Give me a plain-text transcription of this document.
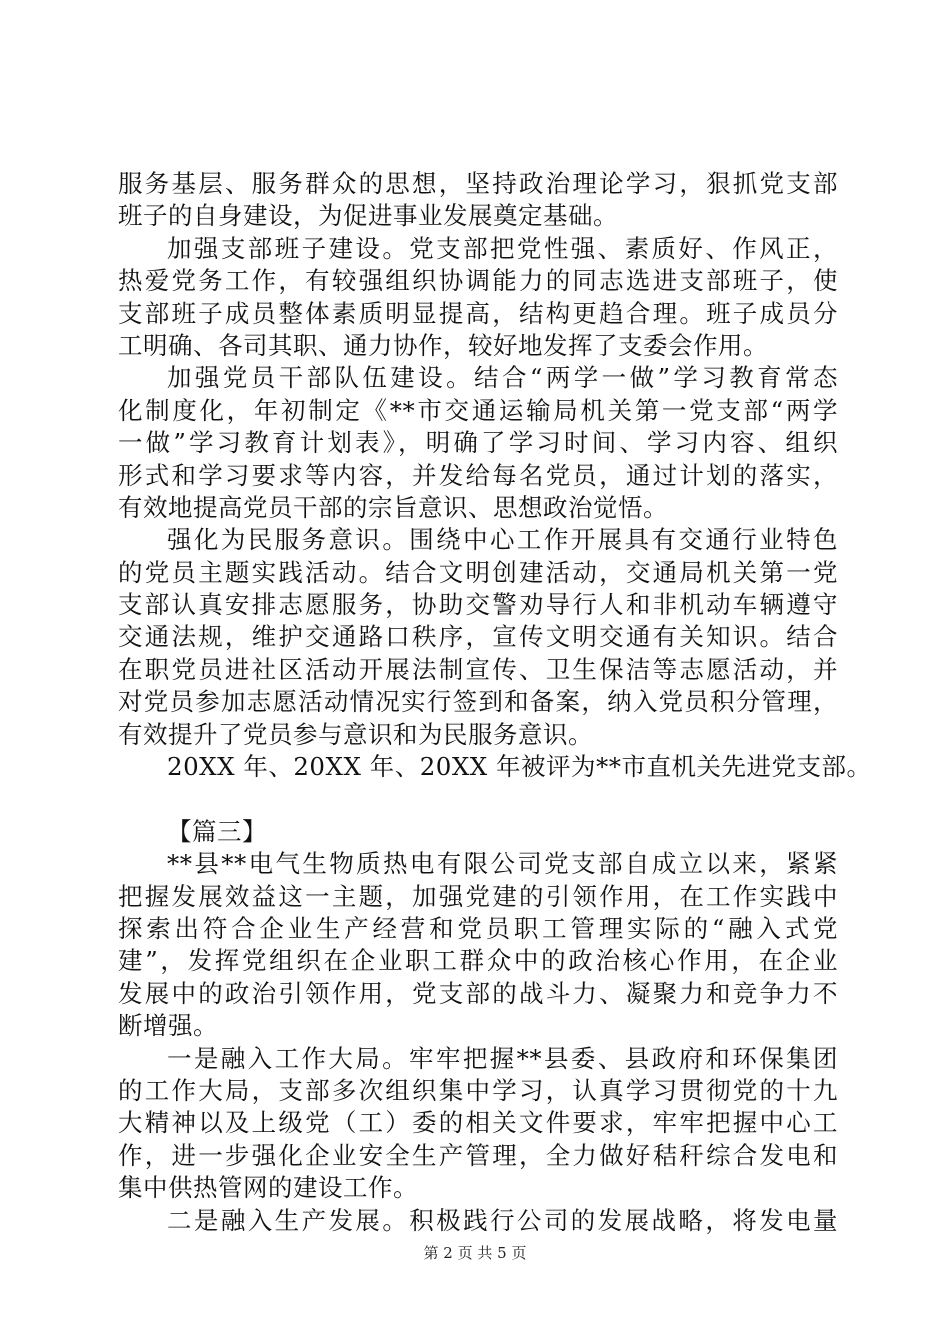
服务基层、服务群众的思想，坚持政治理论学习，狠抓党支部
班子的自身建设，为促进事业发展奠定基础。
加强支部班子建设。党支部把党性强、素质好、作风正，
热爱党务工作，有较强组织协调能力的同志选进支部班子，使
支部班子成员整体素质明显提高，结构更趋合理。班子成员分
工明确、各司其职、通力协作，较好地发挥了支委会作用。
加强党员干部队伍建设。结合“两学一做”学习教育常态
化制度化，年初制定《**市交通运输局机关第一党支部“两学
一做”学习教育计划表》，明确了学习时间、学习内容、组织
形式和学习要求等内容，并发给每名党员，通过计划的落实，
有效地提高党员干部的宗旨意识、思想政治觉悟。
强化为民服务意识。围绕中心工作开展具有交通行业特色
的党员主题实践活动。结合文明创建活动，交通局机关第一党
支部认真安排志愿服务，协助交警劝导行人和非机动车辆遵守
交通法规，维护交通路口秩序，宣传文明交通有关知识。结合
在职党员进社区活动开展法制宣传、卫生保洁等志愿活动，并
对党员参加志愿活动情况实行签到和备案，纳入党员积分管理，
有效提升了党员参与意识和为民服务意识。
20XX 年、20XX 年、20XX 年被评为**市直机关先进党支部。
【篇三】
**县**电气生物质热电有限公司党支部自成立以来，紧紧
把握发展效益这一主题，加强党建的引领作用，在工作实践中
探索出符合企业生产经营和党员职工管理实际的“融入式党
建”，发挥党组织在企业职工群众中的政治核心作用，在企业
发展中的政治引领作用，党支部的战斗力、凝聚力和竞争力不
断增强。
一是融入工作大局。牢牢把握**县委、县政府和环保集团
的工作大局，支部多次组织集中学习，认真学习贯彻党的十九
大精神以及上级党（工）委的相关文件要求，牢牢把握中心工
作，进一步强化企业安全生产管理，全力做好秸秆综合发电和
集中供热管网的建设工作。
二是融入生产发展。积极践行公司的发展战略，将发电量
第 2 页 共 5 页
